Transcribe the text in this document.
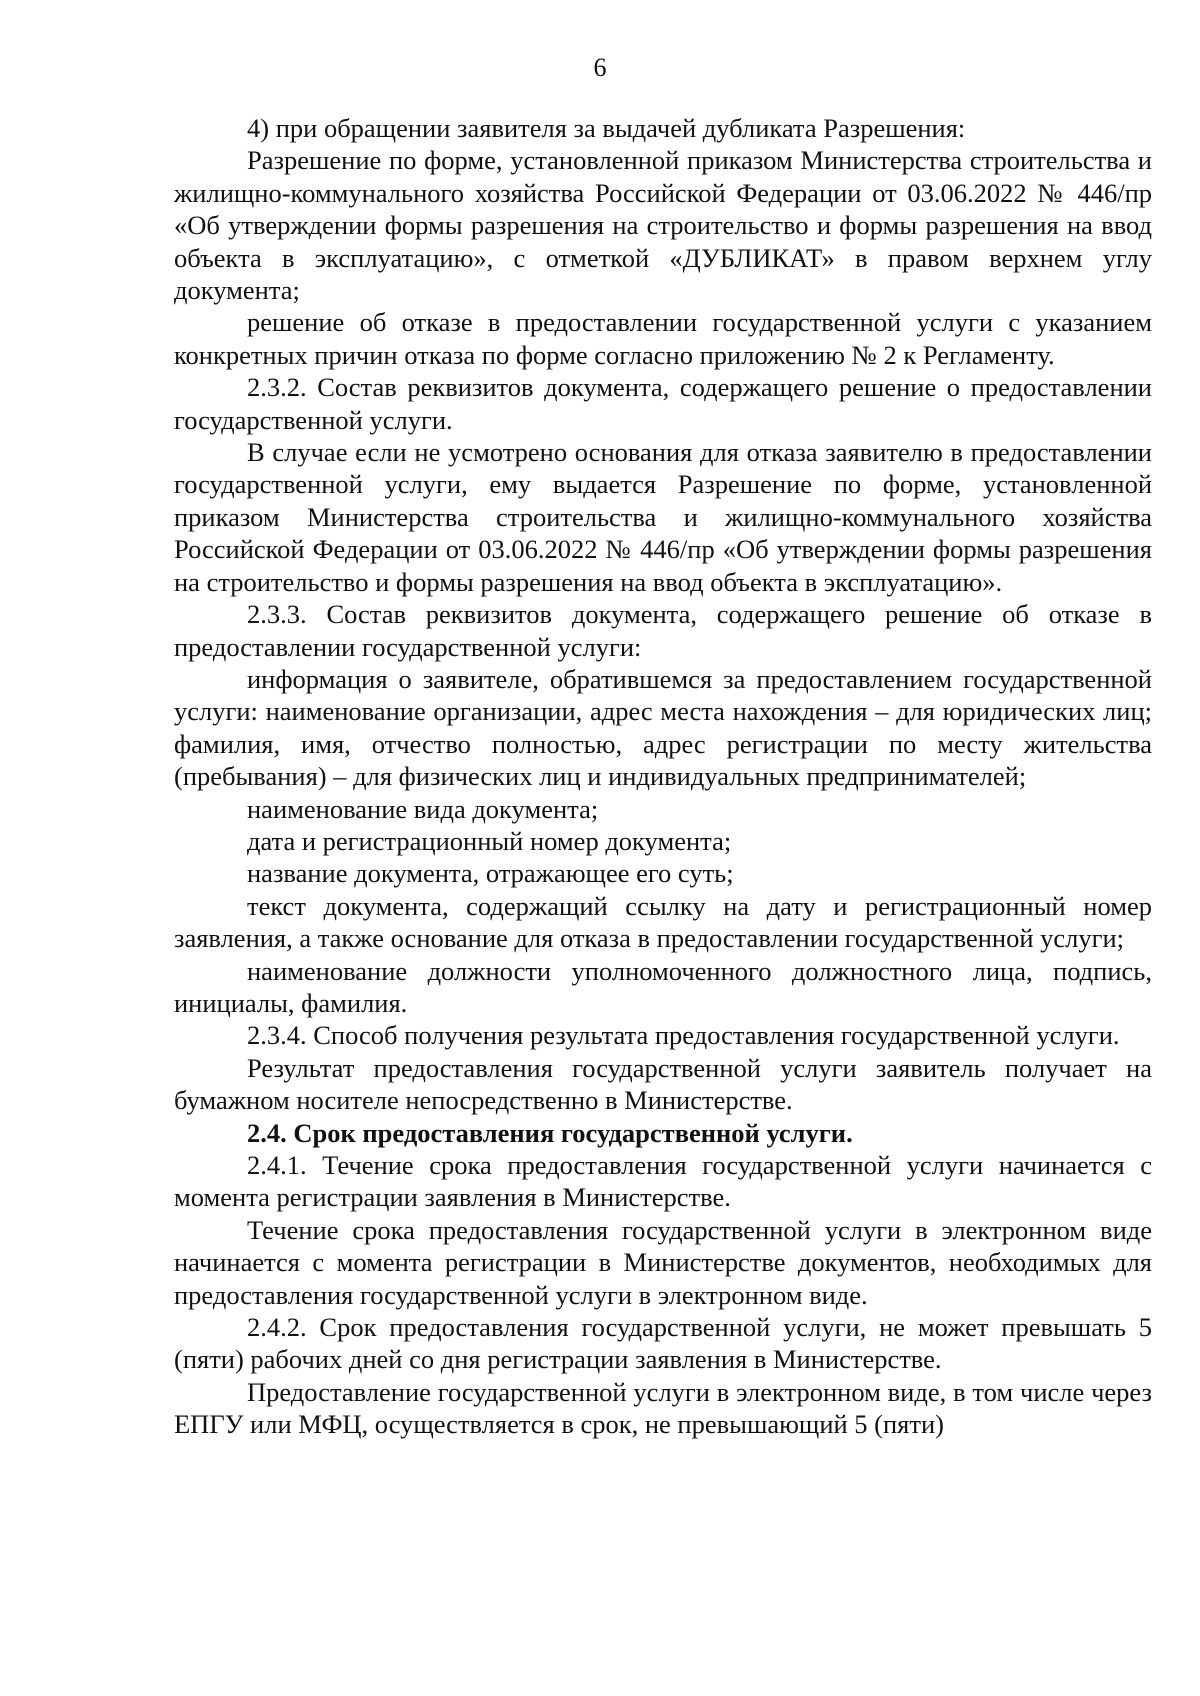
6

4) при обращении заявителя за выдачей дубликата Разрешения:

Разрешение по форме, установленной приказом Министерства строительства и жилищно-коммунального хозяйства Российской Федерации от 03.06.2022 № 446/пр «Об утверждении формы разрешения на строительство и формы разрешения на ввод объекта в эксплуатацию», с отметкой «ДУБЛИКАТ» в правом верхнем углу документа;

решение об отказе в предоставлении государственной услуги с указанием конкретных причин отказа по форме согласно приложению № 2 к Регламенту.

2.3.2. Состав реквизитов документа, содержащего решение о предоставлении государственной услуги.

В случае если не усмотрено основания для отказа заявителю в предоставлении государственной услуги, ему выдается Разрешение по форме, установленной приказом Министерства строительства и жилищно-коммунального хозяйства Российской Федерации от 03.06.2022 № 446/пр «Об утверждении формы разрешения на строительство и формы разрешения на ввод объекта в эксплуатацию».

2.3.3. Состав реквизитов документа, содержащего решение об отказе в предоставлении государственной услуги:

информация о заявителе, обратившемся за предоставлением государственной услуги: наименование организации, адрес места нахождения – для юридических лиц; фамилия, имя, отчество полностью, адрес регистрации по месту жительства (пребывания) – для физических лиц и индивидуальных предпринимателей;

наименование вида документа;

дата и регистрационный номер документа;

название документа, отражающее его суть;

текст документа, содержащий ссылку на дату и регистрационный номер заявления, а также основание для отказа в предоставлении государственной услуги;

наименование должности уполномоченного должностного лица, подпись, инициалы, фамилия.

2.3.4. Способ получения результата предоставления государственной услуги.

Результат предоставления государственной услуги заявитель получает на бумажном носителе непосредственно в Министерстве.

2.4. Срок предоставления государственной услуги.

2.4.1. Течение срока предоставления государственной услуги начинается с момента регистрации заявления в Министерстве.

Течение срока предоставления государственной услуги в электронном виде начинается с момента регистрации в Министерстве документов, необходимых для предоставления государственной услуги в электронном виде.

2.4.2. Срок предоставления государственной услуги, не может превышать 5 (пяти) рабочих дней со дня регистрации заявления в Министерстве.

Предоставление государственной услуги в электронном виде, в том числе через ЕПГУ или МФЦ, осуществляется в срок, не превышающий 5 (пяти)
